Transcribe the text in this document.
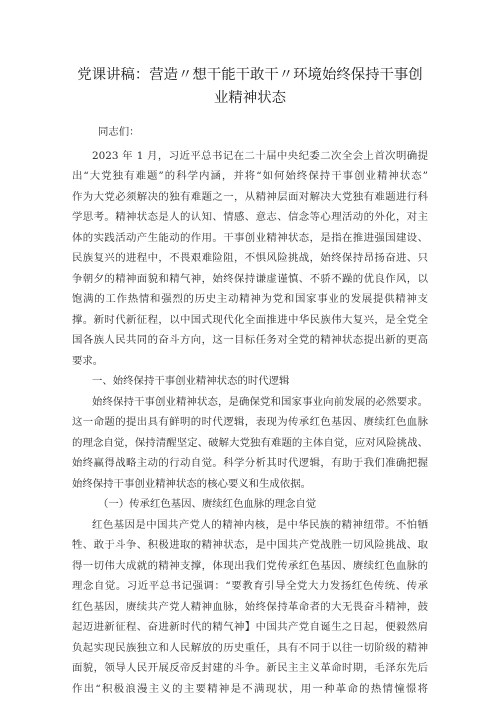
党课讲稿：营造〃想干能干敢干〃环境始终保持干事创
业精神状态
同志们：
2023 年 1 月，习近平总书记在二十届中央纪委二次全会上首次明确提
出“大党独有难题”的科学内涵，并将“如何始终保持干事创业精神状态”
作为大党必须解决的独有难题之一，从精神层面对解决大党独有难题进行科
学思考。精神状态是人的认知、情感、意志、信念等心理活动的外化，对主
体的实践活动产生能动的作用。干事创业精神状态，是指在推进强国建设、
民族复兴的进程中，不畏艰难险阻，不惧风险挑战，始终保持昂扬奋进、只
争朝夕的精神面貌和精气神，始终保持谦虚谨慎、不骄不躁的优良作风，以
饱满的工作热情和强烈的历史主动精神为党和国家事业的发展提供精神支
撑。新时代新征程，以中国式现代化全面推进中华民族伟大复兴，是全党全
国各族人民共同的奋斗方向，这一目标任务对全党的精神状态提出新的更高
要求。
一、始终保持干事创业精神状态的时代逻辑
始终保持干事创业精神状态，是确保党和国家事业向前发展的必然要求。
这一命题的提出具有鲜明的时代逻辑，表现为传承红色基因、赓续红色血脉
的理念自觉，保持清醒坚定、破解大党独有难题的主体自觉，应对风险挑战、
始终赢得战略主动的行动自觉。科学分析其时代逻辑，有助于我们准确把握
始终保持干事创业精神状态的核心要义和生成依据。
（一）传承红色基因、赓续红色血脉的理念自觉
红色基因是中国共产党人的精神内核，是中华民族的精神纽带。不怕牺
牲、敢于斗争、积极进取的精神状态，是中国共产党战胜一切风险挑战、取
得一切伟大成就的精神支撑，体现出我们党传承红色基因、赓续红色血脉的
理念自觉。习近平总书记强调：“要教育引导全党大力发扬红色传统、传承
红色基因，赓续共产党人精神血脉，始终保持革命者的大无畏奋斗精神，鼓
起迈进新征程、奋进新时代的精气神】中国共产党自诞生之日起，便毅然肩
负起实现民族独立和人民解放的历史重任，具有不同于以往一切阶级的精神
面貌，领导人民开展反帝反封建的斗争。新民主主义革命时期，毛泽东先后
作出“积极浪漫主义的主要精神是不满现状，用一种革命的热情憧憬将
